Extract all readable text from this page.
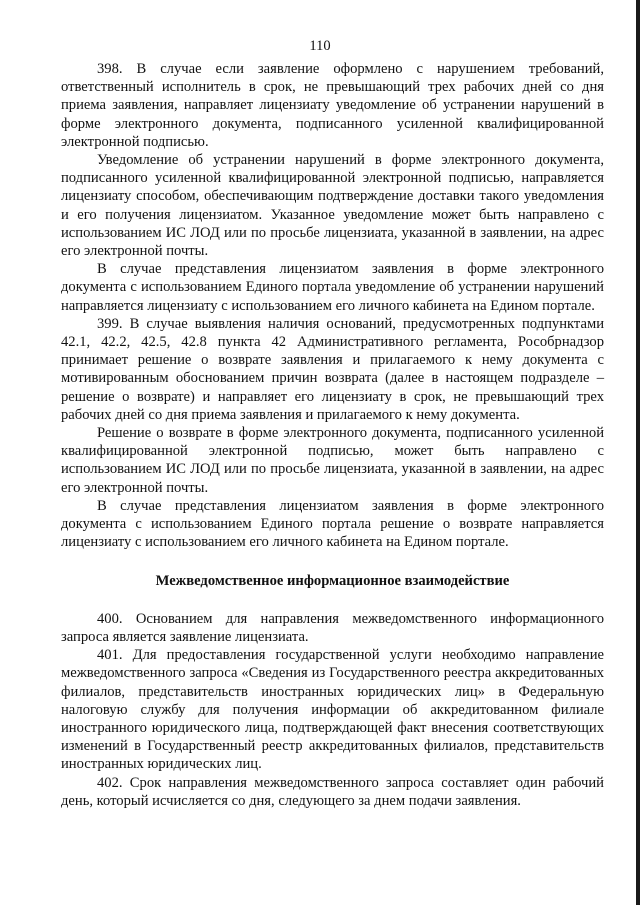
110

398. В случае если заявление оформлено с нарушением требований, ответственный исполнитель в срок, не превышающий трех рабочих дней со дня приема заявления, направляет лицензиату уведомление об устранении нарушений в форме электронного документа, подписанного усиленной квалифицированной электронной подписью.

Уведомление об устранении нарушений в форме электронного документа, подписанного усиленной квалифицированной электронной подписью, направляется лицензиату способом, обеспечивающим подтверждение доставки такого уведомления и его получения лицензиатом. Указанное уведомление может быть направлено с использованием ИС ЛОД или по просьбе лицензиата, указанной в заявлении, на адрес его электронной почты.

В случае представления лицензиатом заявления в форме электронного документа с использованием Единого портала уведомление об устранении нарушений направляется лицензиату с использованием его личного кабинета на Едином портале.

399. В случае выявления наличия оснований, предусмотренных подпунктами 42.1, 42.2, 42.5, 42.8 пункта 42 Административного регламента, Рособрнадзор принимает решение о возврате заявления и прилагаемого к нему документа с мотивированным обоснованием причин возврата (далее в настоящем подразделе – решение о возврате) и направляет его лицензиату в срок, не превышающий трех рабочих дней со дня приема заявления и прилагаемого к нему документа.

Решение о возврате в форме электронного документа, подписанного усиленной квалифицированной электронной подписью, может быть направлено с использованием ИС ЛОД или по просьбе лицензиата, указанной в заявлении, на адрес его электронной почты.

В случае представления лицензиатом заявления в форме электронного документа с использованием Единого портала решение о возврате направляется лицензиату с использованием его личного кабинета на Едином портале.

Межведомственное информационное взаимодействие

400. Основанием для направления межведомственного информационного запроса является заявление лицензиата.

401. Для предоставления государственной услуги необходимо направление межведомственного запроса «Сведения из Государственного реестра аккредитованных филиалов, представительств иностранных юридических лиц» в Федеральную налоговую службу для получения информации об аккредитованном филиале иностранного юридического лица, подтверждающей факт внесения соответствующих изменений в Государственный реестр аккредитованных филиалов, представительств иностранных юридических лиц.

402. Срок направления межведомственного запроса составляет один рабочий день, который исчисляется со дня, следующего за днем подачи заявления.
